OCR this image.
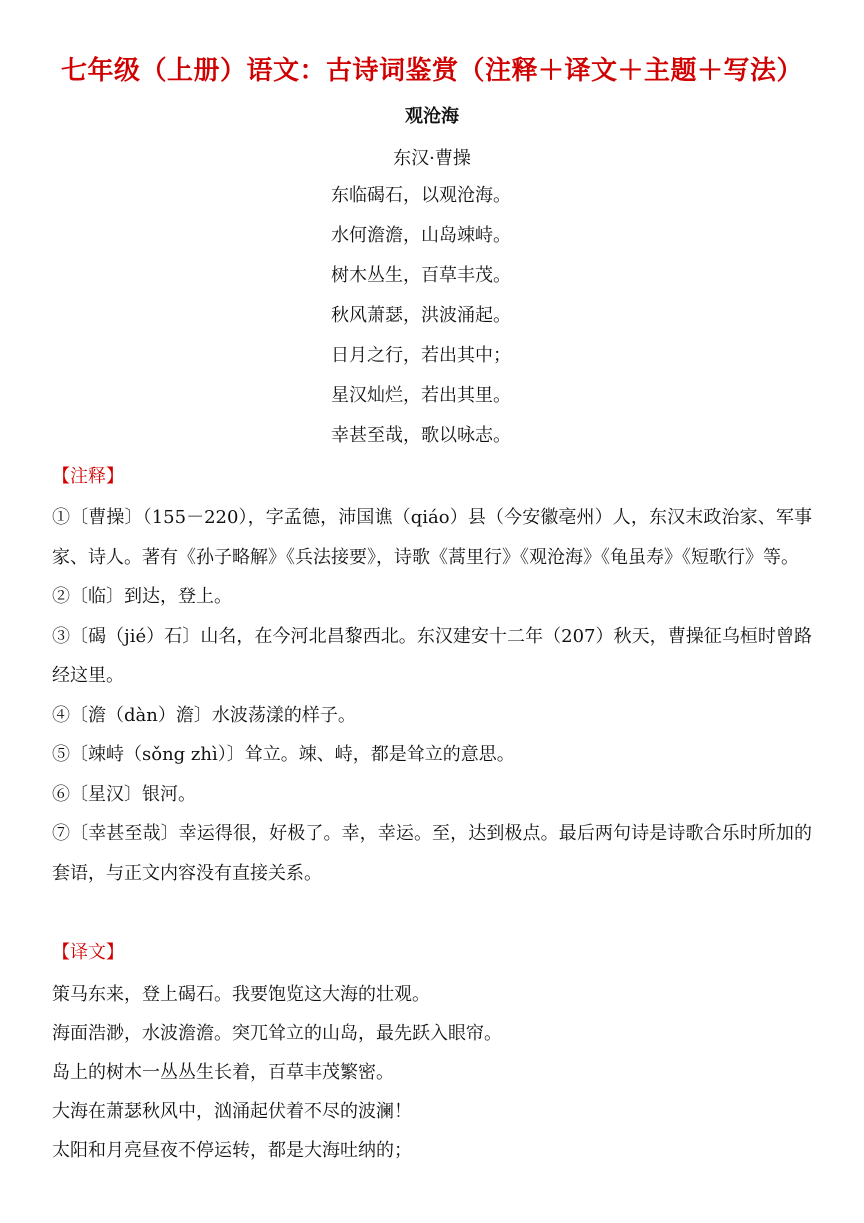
七年级（上册）语文：古诗词鉴赏（注释＋译文＋主题＋写法）
观沧海
东汉·曹操
东临碣石，以观沧海。
水何澹澹，山岛竦峙。
树木丛生，百草丰茂。
秋风萧瑟，洪波涌起。
日月之行，若出其中；
星汉灿烂，若出其里。
幸甚至哉，歌以咏志。
【注释】
①〔曹操〕（155－220），字孟德，沛国谯（qiáo）县（今安徽亳州）人，东汉末政治家、军事家、诗人。著有《孙子略解》《兵法接要》，诗歌《蒿里行》《观沧海》《龟虽寿》《短歌行》等。
②〔临〕到达，登上。
③〔碣（jié）石〕山名，在今河北昌黎西北。东汉建安十二年（207）秋天，曹操征乌桓时曾路经这里。
④〔澹（dàn）澹〕水波荡漾的样子。
⑤〔竦峙（sǒng zhì）〕耸立。竦、峙，都是耸立的意思。
⑥〔星汉〕银河。
⑦〔幸甚至哉〕幸运得很，好极了。幸，幸运。至，达到极点。最后两句诗是诗歌合乐时所加的套语，与正文内容没有直接关系。
【译文】
策马东来，登上碣石。我要饱览这大海的壮观。
海面浩渺，水波澹澹。突兀耸立的山岛，最先跃入眼帘。
岛上的树木一丛丛生长着，百草丰茂繁密。
大海在萧瑟秋风中，汹涌起伏着不尽的波澜！
太阳和月亮昼夜不停运转，都是大海吐纳的；
